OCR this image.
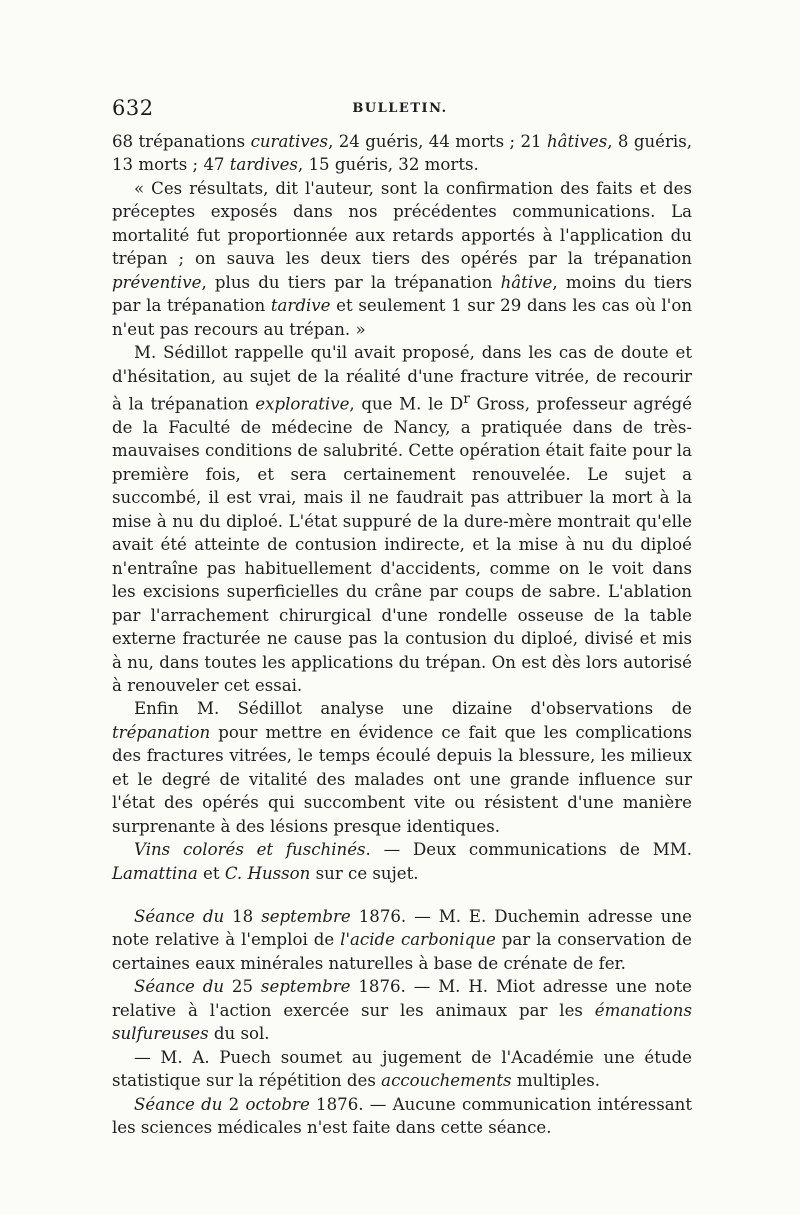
632	BULLETIN.

68 trépanations curatives, 24 guéris, 44 morts ; 21 hâtives, 8 guéris, 13 morts ; 47 tardives, 15 guéris, 32 morts.

« Ces résultats, dit l'auteur, sont la confirmation des faits et des préceptes exposés dans nos précédentes communications. La mortalité fut proportionnée aux retards apportés à l'application du trépan ; on sauva les deux tiers des opérés par la trépanation préventive, plus du tiers par la trépanation hâtive, moins du tiers par la trépanation tardive et seulement 1 sur 29 dans les cas où l'on n'eut pas recours au trépan. »

M. Sédillot rappelle qu'il avait proposé, dans les cas de doute et d'hésitation, au sujet de la réalité d'une fracture vitrée, de recourir à la trépanation explorative, que M. le $D^r$ Gross, professeur agrégé de la Faculté de médecine de Nancy, a pratiquée dans de très-mauvaises conditions de salubrité. Cette opération était faite pour la première fois, et sera certainement renouvelée. Le sujet a succombé, il est vrai, mais il ne faudrait pas attribuer la mort à la mise à nu du diploé. L'état suppuré de la dure-mère montrait qu'elle avait été atteinte de contusion indirecte, et la mise à nu du diploé n'entraîne pas habituellement d'accidents, comme on le voit dans les excisions superficielles du crâne par coups de sabre. L'ablation par l'arrachement chirurgical d'une rondelle osseuse de la table externe fracturée ne cause pas la contusion du diploé, divisé et mis à nu, dans toutes les applications du trépan. On est dès lors autorisé à renouveler cet essai.

Enfin M. Sédillot analyse une dizaine d'observations de trépanation pour mettre en évidence ce fait que les complications des fractures vitrées, le temps écoulé depuis la blessure, les milieux et le degré de vitalité des malades ont une grande influence sur l'état des opérés qui succombent vite ou résistent d'une manière surprenante à des lésions presque identiques.

Vins colorés et fuschinés. — Deux communications de MM. Lamattina et C. Husson sur ce sujet.

Séance du 18 septembre 1876. — M. E. Duchemin adresse une note relative à l'emploi de l'acide carbonique par la conservation de certaines eaux minérales naturelles à base de crénate de fer.

Séance du 25 septembre 1876. — M. H. Miot adresse une note relative à l'action exercée sur les animaux par les émanations sulfureuses du sol.

— M. A. Puech soumet au jugement de l'Académie une étude statistique sur la répétition des accouchements multiples.

Séance du 2 octobre 1876. — Aucune communication intéressant les sciences médicales n'est faite dans cette séance.
